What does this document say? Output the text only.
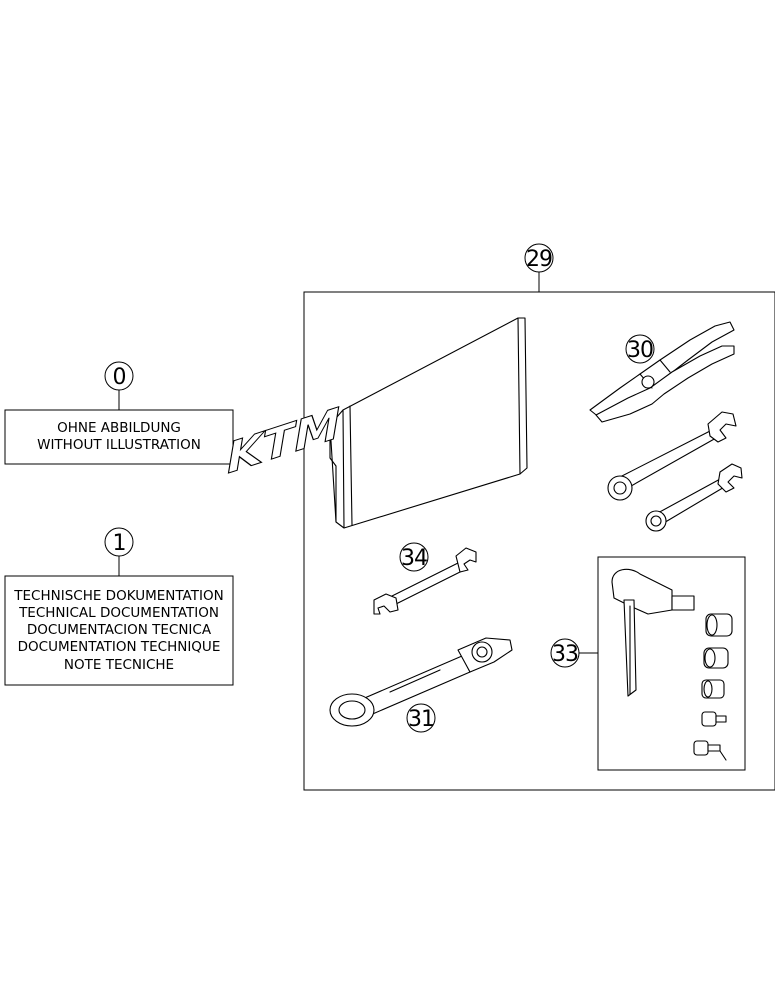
0
OHNE ABBILDUNG
WITHOUT ILLUSTRATION
1
TECHNISCHE DOKUMENTATION
TECHNICAL DOCUMENTATION
DOCUMENTACION TECNICA
DOCUMENTATION TECHNIQUE
NOTE TECNICHE
29
KTM
30
34
31
33
